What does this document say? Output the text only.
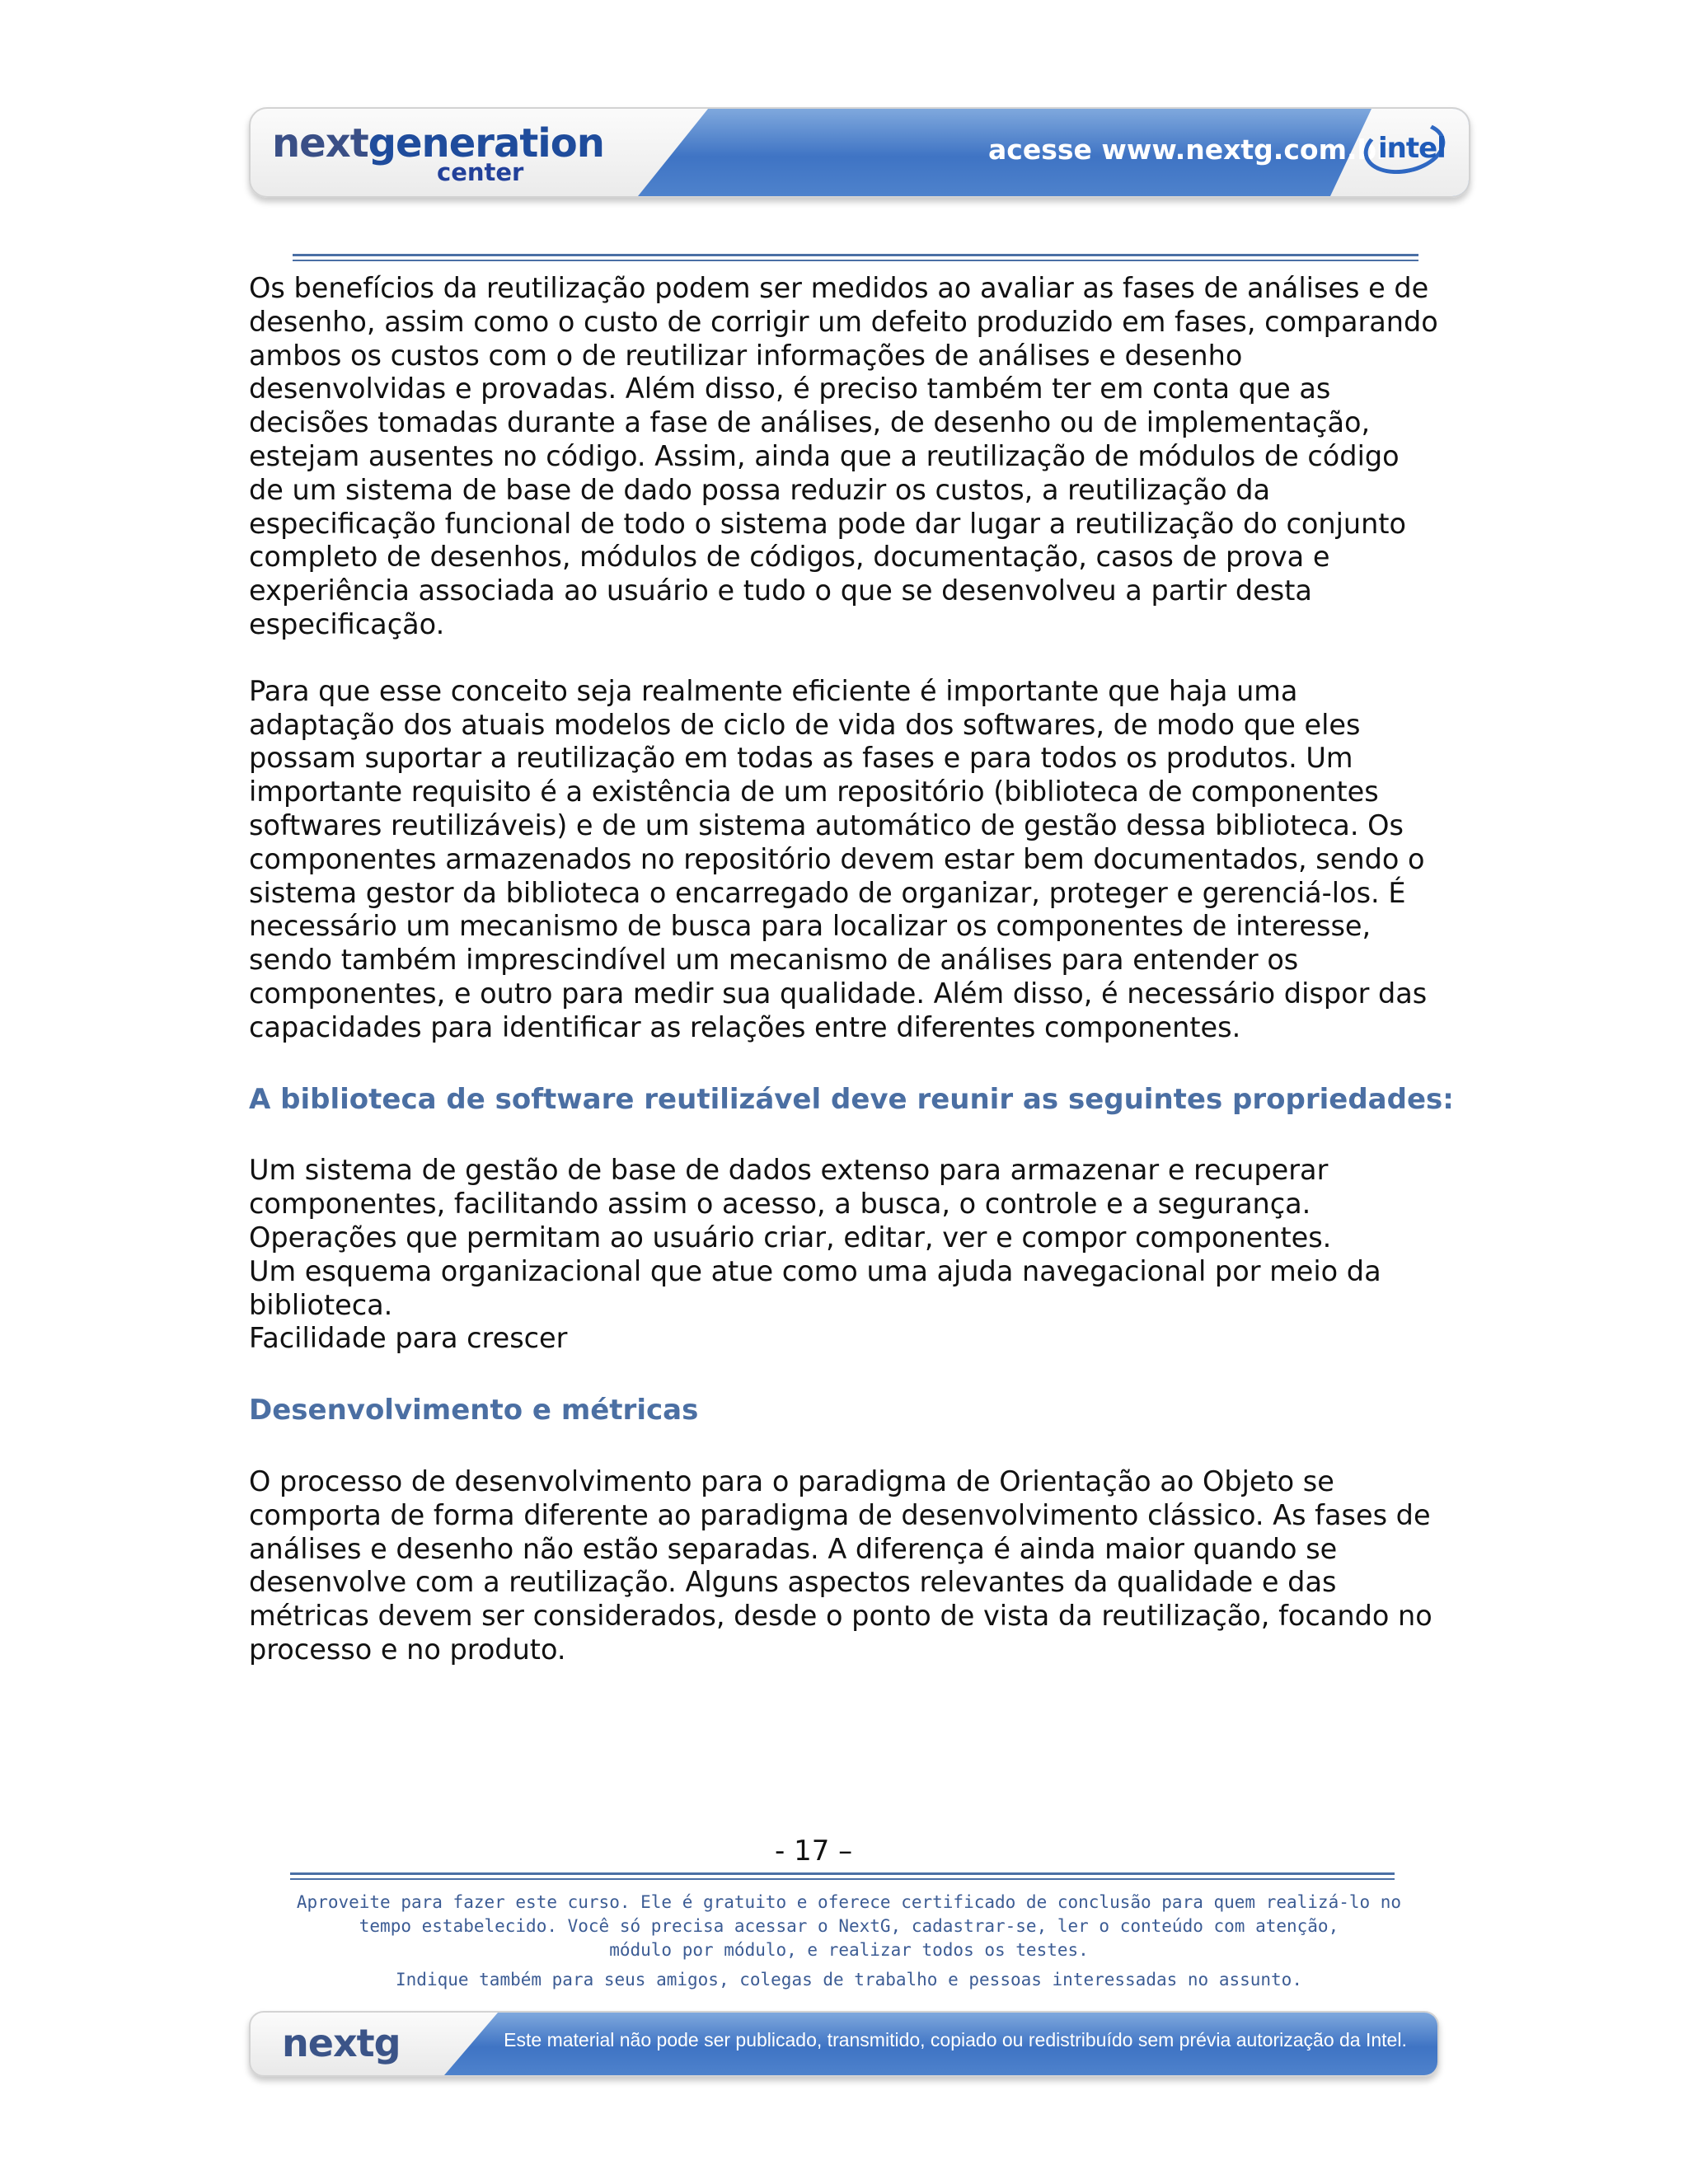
nextgeneration
center
acesse www.nextg.com.br
intel

Os benefícios da reutilização podem ser medidos ao avaliar as fases de análises e de
desenho, assim como o custo de corrigir um defeito produzido em fases, comparando
ambos os custos com o de reutilizar informações de análises e desenho
desenvolvidas e provadas. Além disso, é preciso também ter em conta que as
decisões tomadas durante a fase de análises, de desenho ou de implementação,
estejam ausentes no código. Assim, ainda que a reutilização de módulos de código
de um sistema de base de dado possa reduzir os custos, a reutilização da
especificação funcional de todo o sistema pode dar lugar a reutilização do conjunto
completo de desenhos, módulos de códigos, documentação, casos de prova e
experiência associada ao usuário e tudo o que se desenvolveu a partir desta
especificação.

Para que esse conceito seja realmente eficiente é importante que haja uma
adaptação dos atuais modelos de ciclo de vida dos softwares, de modo que eles
possam suportar a reutilização em todas as fases e para todos os produtos. Um
importante requisito é a existência de um repositório (biblioteca de componentes
softwares reutilizáveis) e de um sistema automático de gestão dessa biblioteca. Os
componentes armazenados no repositório devem estar bem documentados, sendo o
sistema gestor da biblioteca o encarregado de organizar, proteger e gerenciá-los. É
necessário um mecanismo de busca para localizar os componentes de interesse,
sendo também imprescindível um mecanismo de análises para entender os
componentes, e outro para medir sua qualidade. Além disso, é necessário dispor das
capacidades para identificar as relações entre diferentes componentes.

A biblioteca de software reutilizável deve reunir as seguintes propriedades:

Um sistema de gestão de base de dados extenso para armazenar e recuperar
componentes, facilitando assim o acesso, a busca, o controle e a segurança.
Operações que permitam ao usuário criar, editar, ver e compor componentes.
Um esquema organizacional que atue como uma ajuda navegacional por meio da
biblioteca.
Facilidade para crescer

Desenvolvimento e métricas

O processo de desenvolvimento para o paradigma de Orientação ao Objeto se
comporta de forma diferente ao paradigma de desenvolvimento clássico. As fases de
análises e desenho não estão separadas. A diferença é ainda maior quando se
desenvolve com a reutilização. Alguns aspectos relevantes da qualidade e das
métricas devem ser considerados, desde o ponto de vista da reutilização, focando no
processo e no produto.

- 17 –
Aproveite para fazer este curso. Ele é gratuito e oferece certificado de conclusão para quem realizá-lo no
tempo estabelecido. Você só precisa acessar o NextG, cadastrar-se, ler o conteúdo com atenção,
módulo por módulo, e realizar todos os testes.
Indique também para seus amigos, colegas de trabalho e pessoas interessadas no assunto.
nextg	Este material não pode ser publicado, transmitido, copiado ou redistribuído sem prévia autorização da Intel.
